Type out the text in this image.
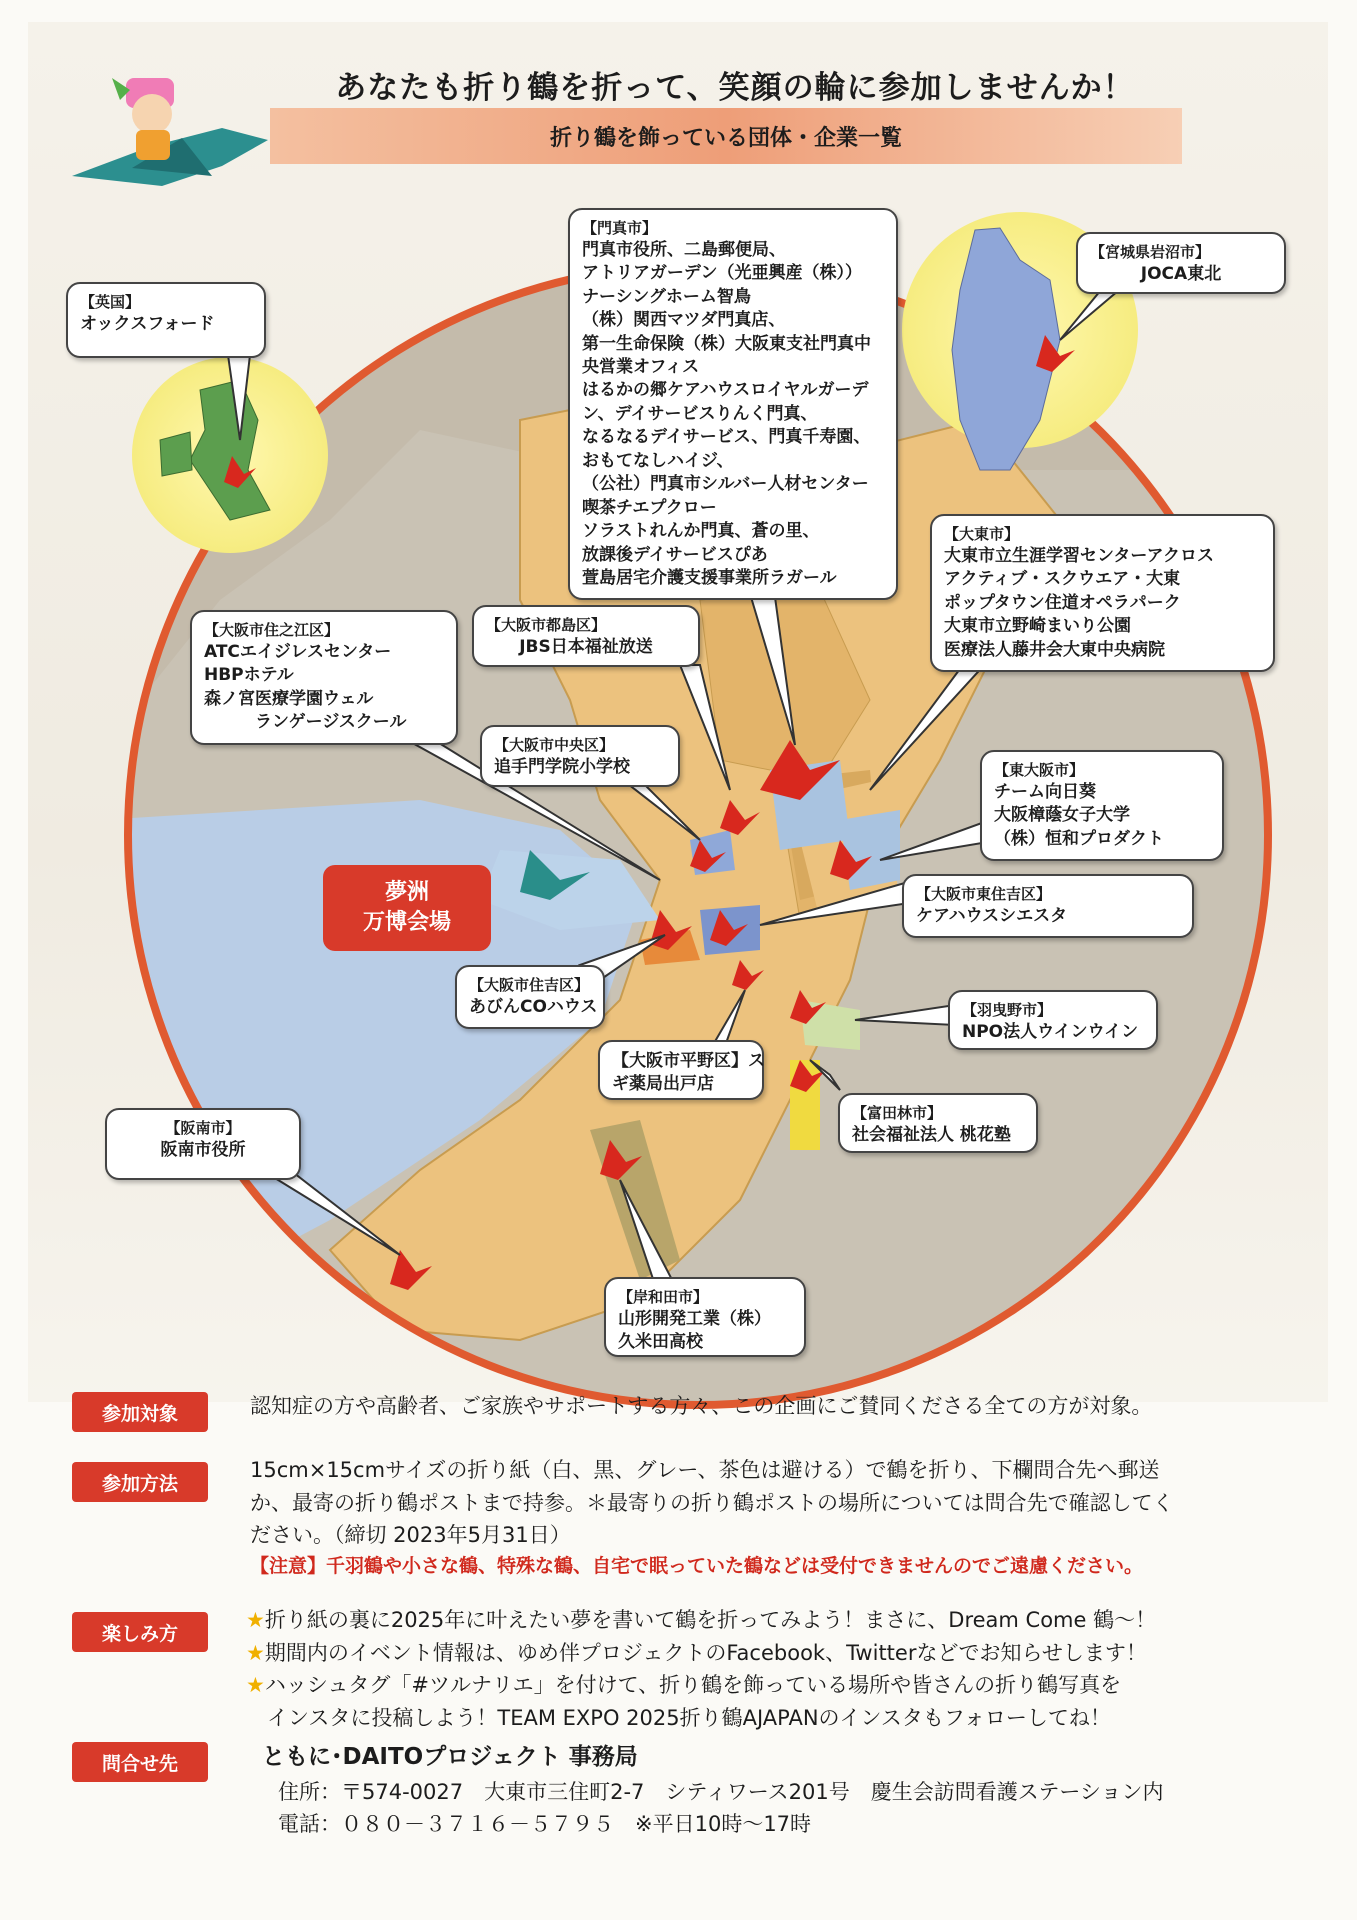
あなたも折り鶴を折って、笑顔の輪に参加しませんか！
折り鶴を飾っている団体・企業一覧
【門真市】
門真市役所、二島郵便局、
アトリアガーデン（光亜興産（株））
ナーシングホーム智鳥
（株）関西マツダ門真店、
第一生命保険（株）大阪東支社門真中
央営業オフィス
はるかの郷ケアハウスロイヤルガーデ
ン、デイサービスりんく門真、
なるなるデイサービス、門真千寿園、
おもてなしハイジ、
（公社）門真市シルバー人材センター
喫茶チエプクロー
ソラストれんか門真、蒼の里、
放課後デイサービスぴあ
萱島居宅介護支援事業所ラガール
【英国】
オックスフォード
【宮城県岩沼市】
JOCA東北
【大東市】
大東市立生涯学習センターアクロス
アクティブ・スクウエア・大東
ポップタウン住道オペラパーク
大東市立野崎まいり公園
医療法人藤井会大東中央病院
【大阪市住之江区】
ATCエイジレスセンター
HBPホテル
森ノ宮医療学園ウェル
　　　ランゲージスクール
【大阪市都島区】
JBS日本福祉放送
【大阪市中央区】
追手門学院小学校	【東大阪市】
チーム向日葵
大阪樟蔭女子大学
（株）恒和プロダクト
【大阪市東住吉区】
ケアハウスシエスタ
【大阪市住吉区】
あびんCOハウス	【羽曳野市】
NPO法人ウインウイン
【大阪市平野区】ス
ギ薬局出戸店
【富田林市】
社会福祉法人 桃花塾
【阪南市】
阪南市役所
【岸和田市】
山形開発工業（株）
久米田高校
夢洲
万博会場
参加対象	認知症の方や高齢者、ご家族やサポートする方々、この企画にご賛同くださる全ての方が対象。
参加方法
15cm×15cmサイズの折り紙（白、黒、グレー、茶色は避ける）で鶴を折り、下欄問合先へ郵送
か、最寄の折り鶴ポストまで持参。＊最寄りの折り鶴ポストの場所については問合先で確認してく
ださい。（締切 2023年5月31日）
【注意】千羽鶴や小さな鶴、特殊な鶴、自宅で眠っていた鶴などは受付できませんのでご遠慮ください。
楽しみ方
★折り紙の裏に2025年に叶えたい夢を書いて鶴を折ってみよう！まさに、Dream Come 鶴～！
★期間内のイベント情報は、ゆめ伴プロジェクトのFacebook、Twitterなどでお知らせします！
★ハッシュタグ「#ツルナリエ」を付けて、折り鶴を飾っている場所や皆さんの折り鶴写真を
　インスタに投稿しよう！TEAM EXPO 2025折り鶴AJAPANのインスタもフォローしてね！
問合せ先	ともに･DAITOプロジェクト 事務局
住所：〒574-0027　大東市三住町2-7　シティワース201号　慶生会訪問看護ステーション内
電話：０８０－３７１６－５７９５　※平日10時～17時
